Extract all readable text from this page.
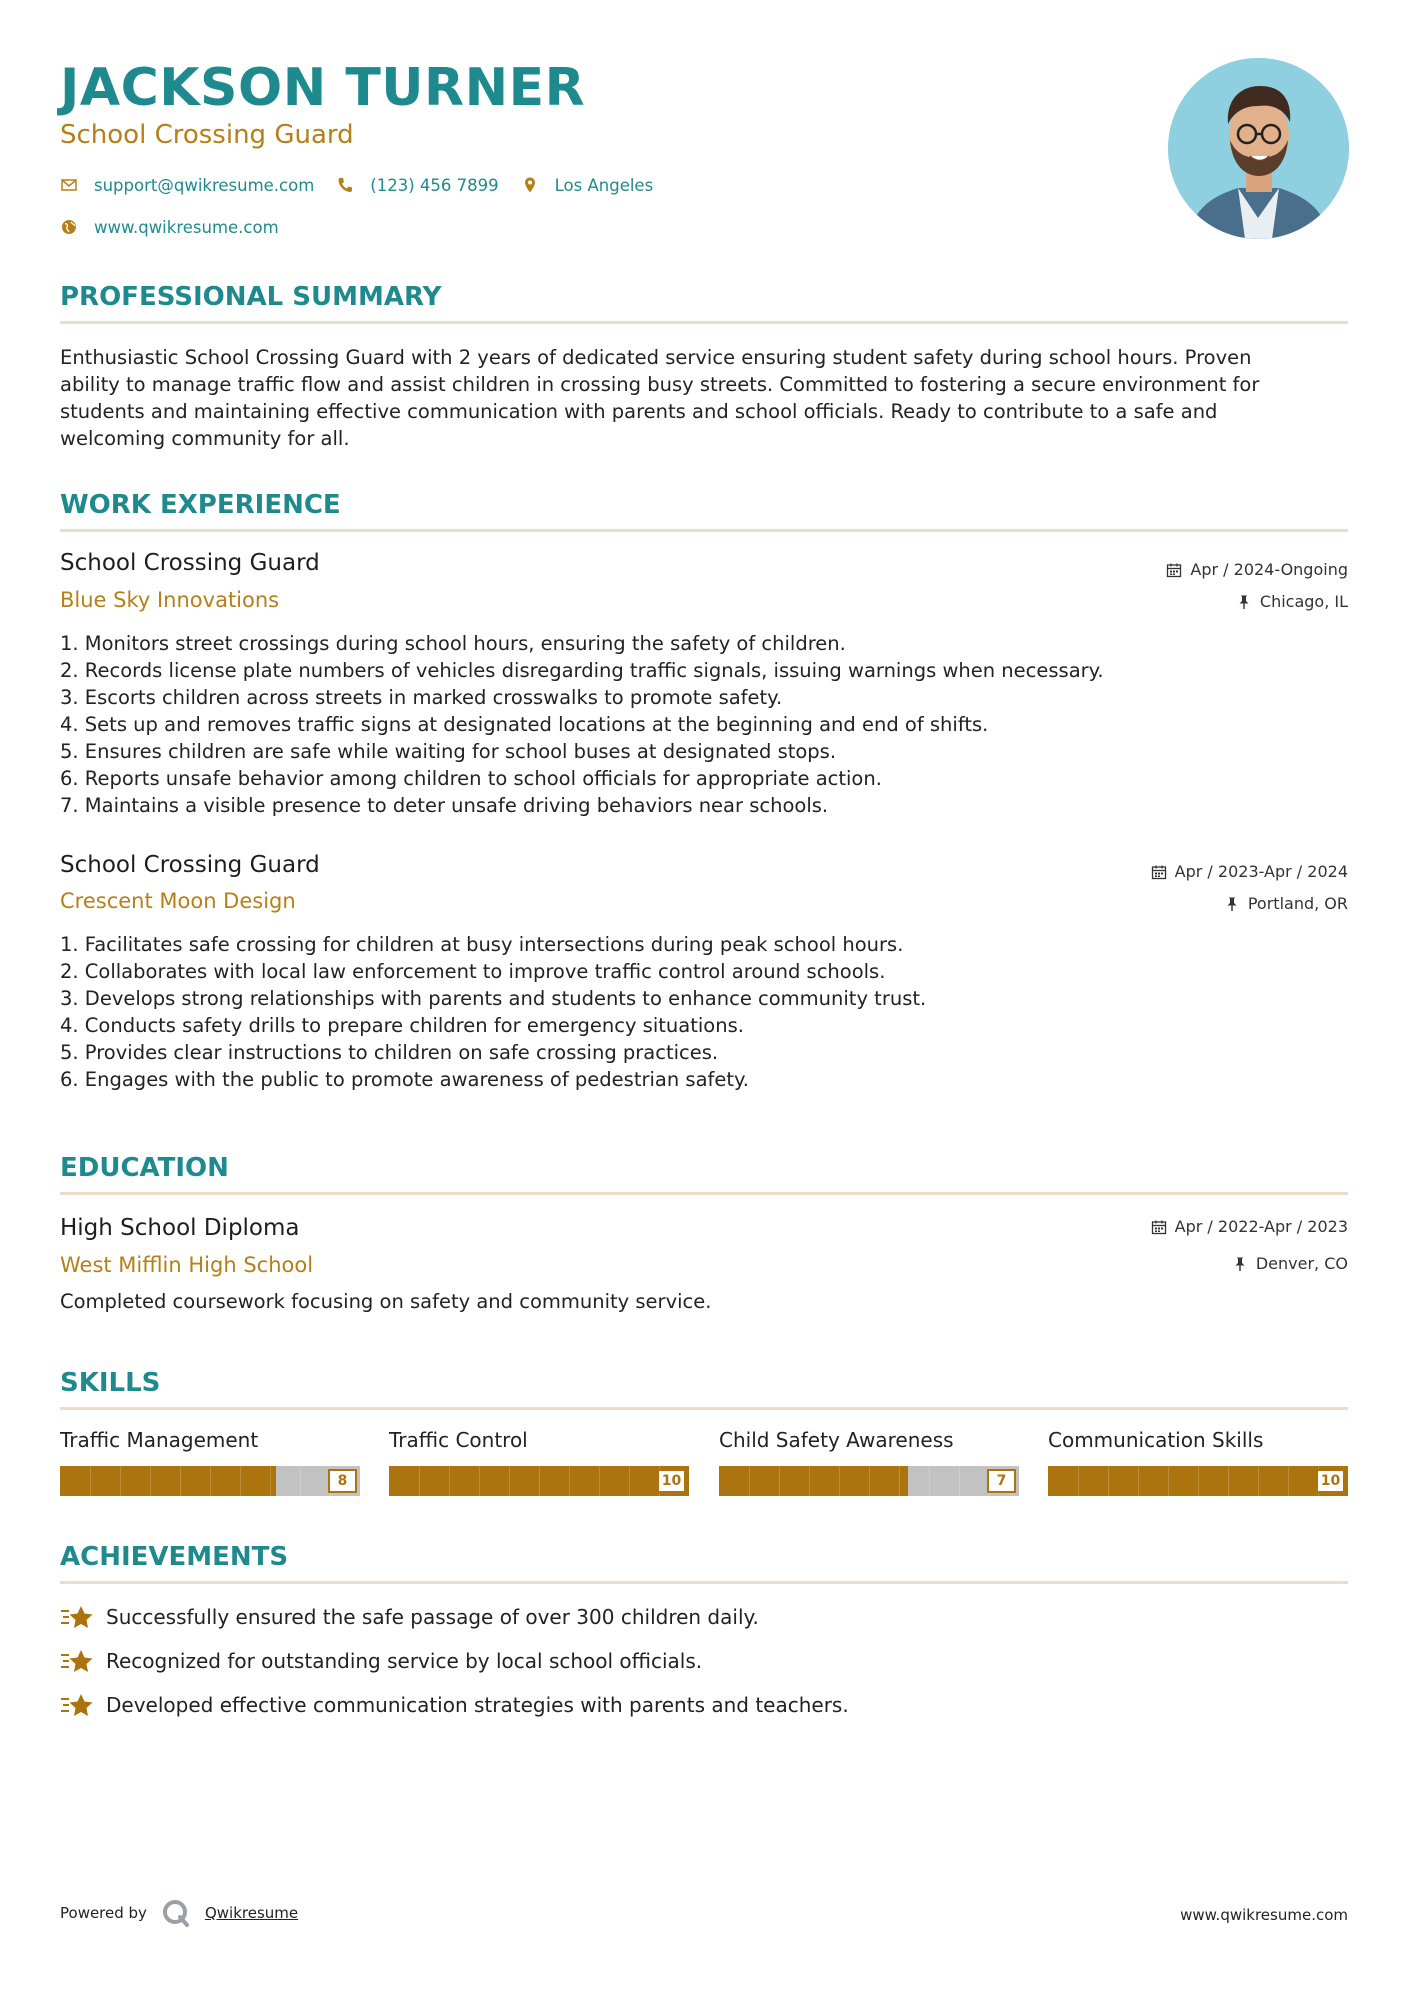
JACKSON TURNER
School Crossing Guard
support@qwikresume.com	(123) 456 7899	Los Angeles
www.qwikresume.com
PROFESSIONAL SUMMARY
Enthusiastic School Crossing Guard with 2 years of dedicated service ensuring student safety during school hours. Proven
ability to manage traffic flow and assist children in crossing busy streets. Committed to fostering a secure environment for
students and maintaining effective communication with parents and school officials. Ready to contribute to a safe and
welcoming community for all.
WORK EXPERIENCE
School Crossing Guard
Blue Sky Innovations
Apr / 2024-Ongoing
Chicago, IL
1. Monitors street crossings during school hours, ensuring the safety of children.
2. Records license plate numbers of vehicles disregarding traffic signals, issuing warnings when necessary.
3. Escorts children across streets in marked crosswalks to promote safety.
4. Sets up and removes traffic signs at designated locations at the beginning and end of shifts.
5. Ensures children are safe while waiting for school buses at designated stops.
6. Reports unsafe behavior among children to school officials for appropriate action.
7. Maintains a visible presence to deter unsafe driving behaviors near schools.
School Crossing Guard
Crescent Moon Design
Apr / 2023-Apr / 2024
Portland, OR
1. Facilitates safe crossing for children at busy intersections during peak school hours.
2. Collaborates with local law enforcement to improve traffic control around schools.
3. Develops strong relationships with parents and students to enhance community trust.
4. Conducts safety drills to prepare children for emergency situations.
5. Provides clear instructions to children on safe crossing practices.
6. Engages with the public to promote awareness of pedestrian safety.
EDUCATION
High School Diploma
West Mifflin High School
Apr / 2022-Apr / 2023
Denver, CO
Completed coursework focusing on safety and community service.
SKILLS
Traffic Management
8
Traffic Control
10
Child Safety Awareness
7
Communication Skills
10
ACHIEVEMENTS
Successfully ensured the safe passage of over 300 children daily.
Recognized for outstanding service by local school officials.
Developed effective communication strategies with parents and teachers.
Powered by	Qwikresume	www.qwikresume.com
